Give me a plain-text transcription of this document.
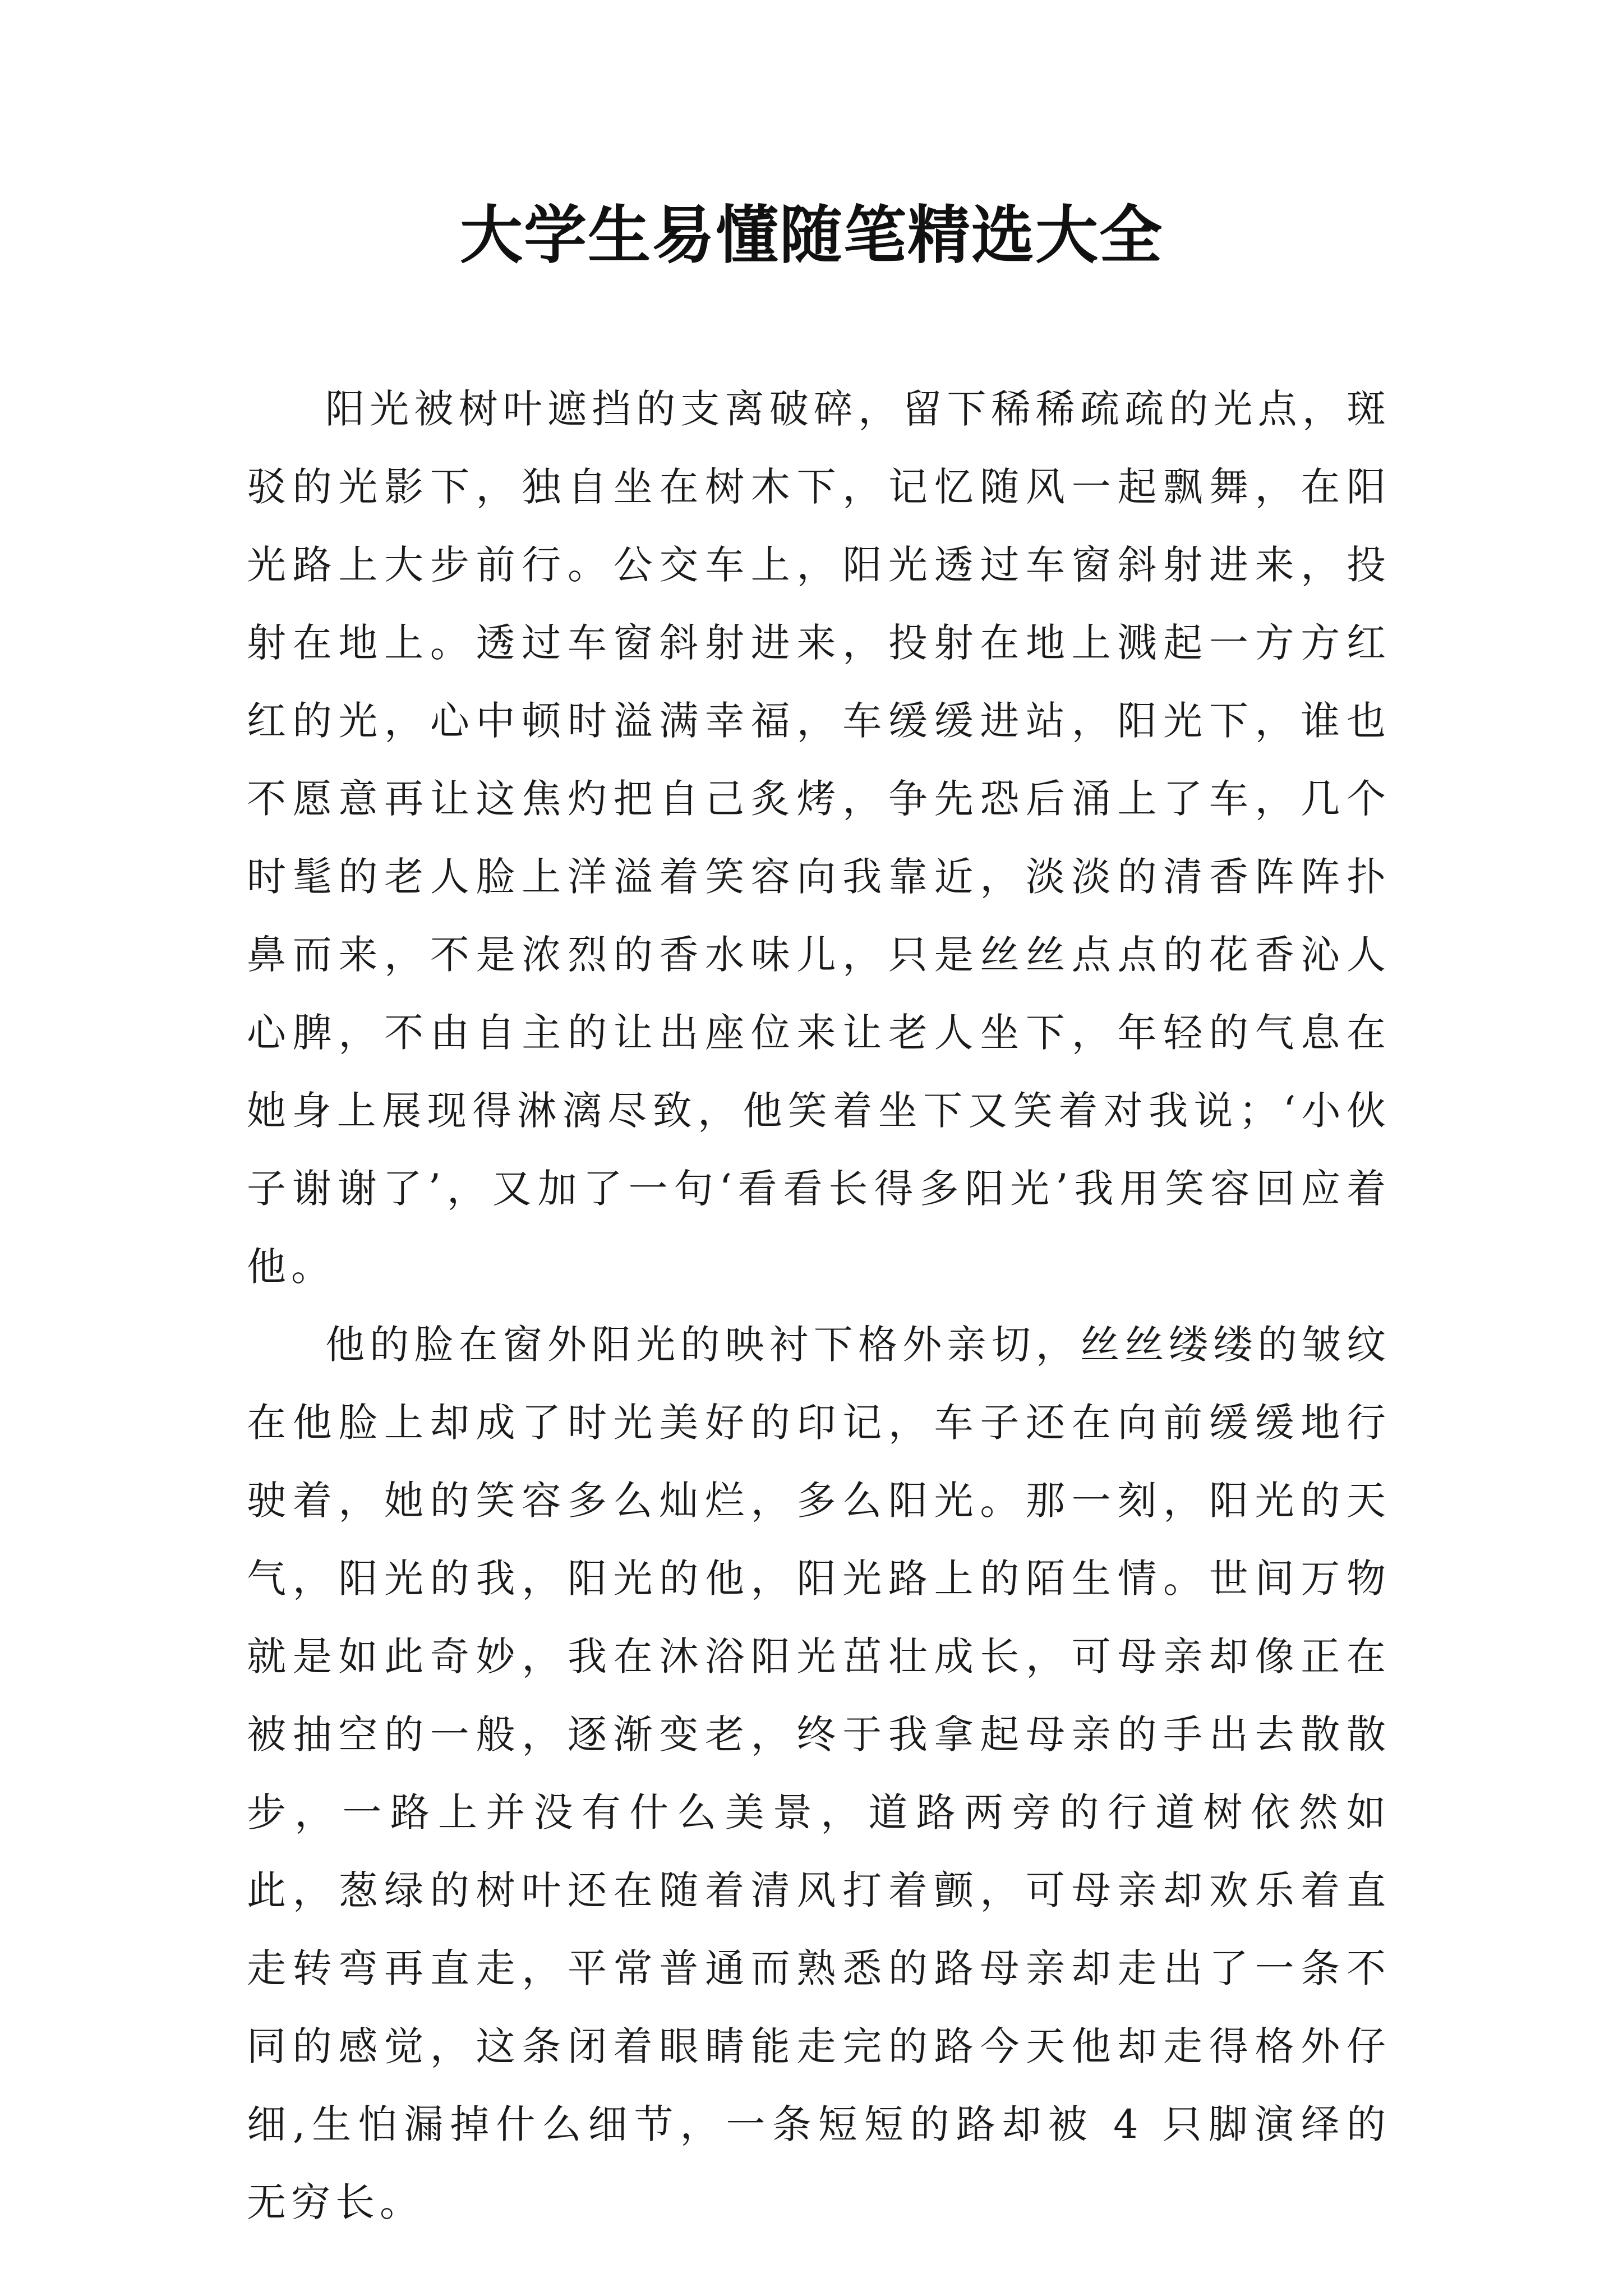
大学生易懂随笔精选大全

阳光被树叶遮挡的支离破碎，留下稀稀疏疏的光点，斑驳的光影下，独自坐在树木下，记忆随风一起飘舞，在阳光路上大步前行。公交车上，阳光透过车窗斜射进来，投射在地上。透过车窗斜射进来，投射在地上溅起一方方红红的光，心中顿时溢满幸福，车缓缓进站，阳光下，谁也不愿意再让这焦灼把自己炙烤，争先恐后涌上了车，几个时髦的老人脸上洋溢着笑容向我靠近，淡淡的清香阵阵扑鼻而来，不是浓烈的香水味儿，只是丝丝点点的花香沁人心脾，不由自主的让出座位来让老人坐下，年轻的气息在她身上展现得淋漓尽致，他笑着坐下又笑着对我说；‘小伙子谢谢了’，又加了一句‘看看长得多阳光’我用笑容回应着他。

他的脸在窗外阳光的映衬下格外亲切，丝丝缕缕的皱纹在他脸上却成了时光美好的印记，车子还在向前缓缓地行驶着，她的笑容多么灿烂，多么阳光。那一刻，阳光的天气，阳光的我，阳光的他，阳光路上的陌生情。世间万物就是如此奇妙，我在沐浴阳光茁壮成长，可母亲却像正在被抽空的一般，逐渐变老，终于我拿起母亲的手出去散散步，一路上并没有什么美景，道路两旁的行道树依然如此，葱绿的树叶还在随着清风打着颤，可母亲却欢乐着直走转弯再直走，平常普通而熟悉的路母亲却走出了一条不同的感觉，这条闭着眼睛能走完的路今天他却走得格外仔细,生怕漏掉什么细节，一条短短的路却被 4 只脚演绎的无穷长。
